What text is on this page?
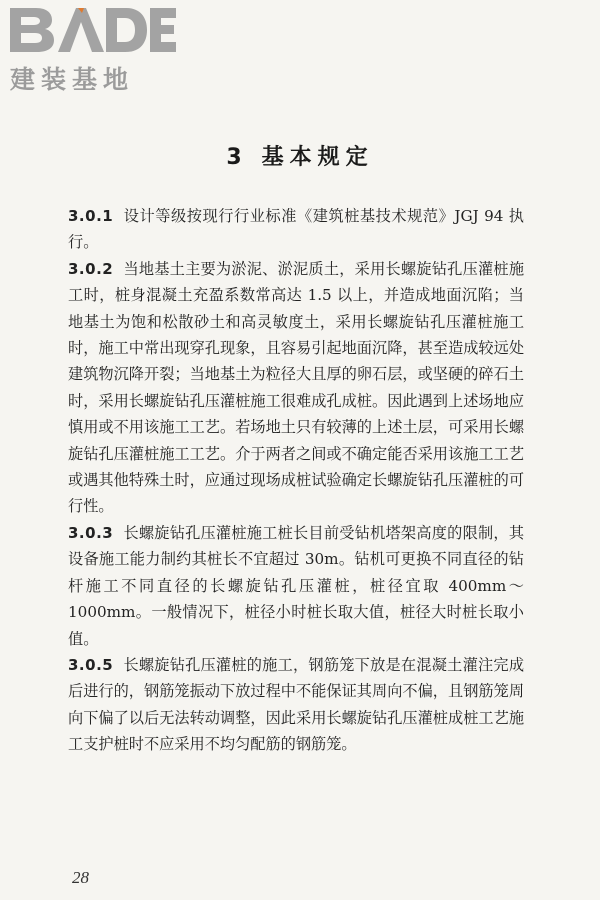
建装基地
3 基本规定

3.0.1 设计等级按现行行业标准《建筑桩基技术规范》JGJ 94 执行。

3.0.2 当地基土主要为淤泥、淤泥质土，采用长螺旋钻孔压灌桩施工时，桩身混凝土充盈系数常高达 1.5 以上，并造成地面沉陷；当地基土为饱和松散砂土和高灵敏度土，采用长螺旋钻孔压灌桩施工时，施工中常出现穿孔现象，且容易引起地面沉降，甚至造成较远处建筑物沉降开裂；当地基土为粒径大且厚的卵石层，或坚硬的碎石土时，采用长螺旋钻孔压灌桩施工很难成孔成桩。因此遇到上述场地应慎用或不用该施工工艺。若场地土只有较薄的上述土层，可采用长螺旋钻孔压灌桩施工工艺。介于两者之间或不确定能否采用该施工工艺或遇其他特殊土时，应通过现场成桩试验确定长螺旋钻孔压灌桩的可行性。

3.0.3 长螺旋钻孔压灌桩施工桩长目前受钻机塔架高度的限制，其设备施工能力制约其桩长不宜超过 30m。钻机可更换不同直径的钻杆施工不同直径的长螺旋钻孔压灌桩，桩径宜取 400mm～1000mm。一般情况下，桩径小时桩长取大值，桩径大时桩长取小值。

3.0.5 长螺旋钻孔压灌桩的施工，钢筋笼下放是在混凝土灌注完成后进行的，钢筋笼振动下放过程中不能保证其周向不偏，且钢筋笼周向下偏了以后无法转动调整，因此采用长螺旋钻孔压灌桩成桩工艺施工支护桩时不应采用不均匀配筋的钢筋笼。

28
